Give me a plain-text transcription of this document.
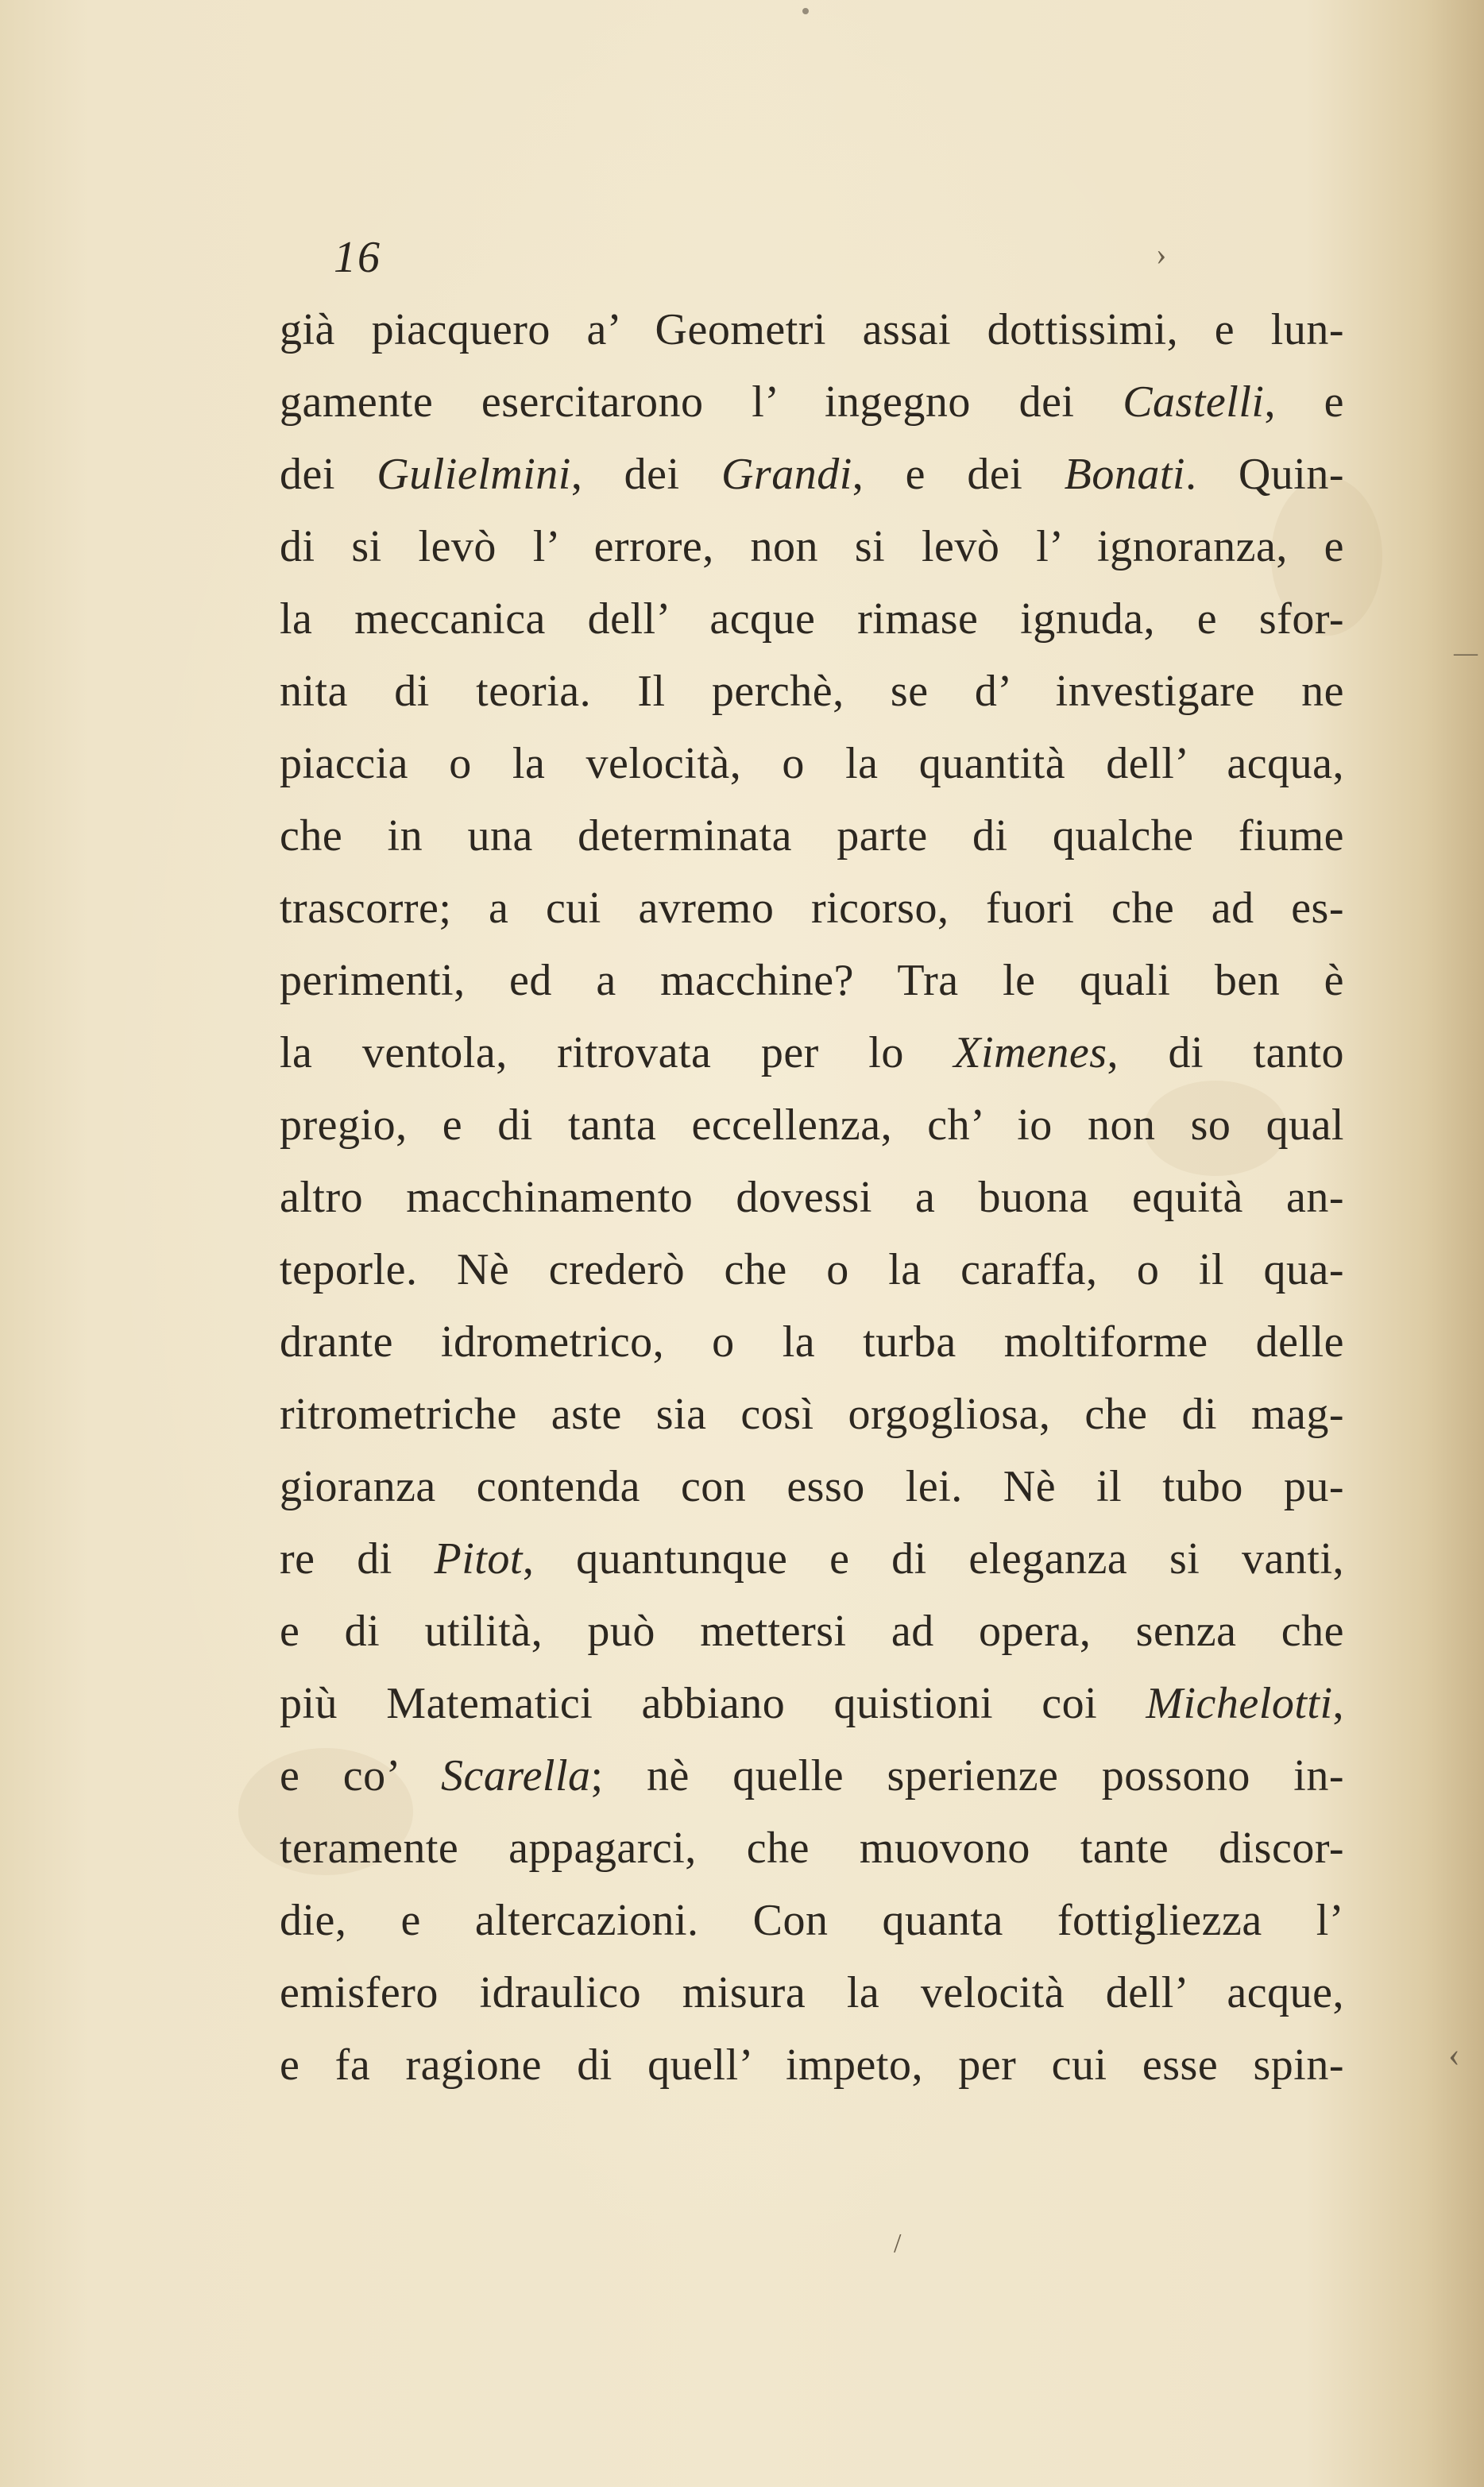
›
—
‹
/
16
già piacquero a’ Geometri assai dottissimi, e lun-
gamente esercitarono l’ ingegno dei Castelli, e
dei Gulielmini, dei Grandi, e dei Bonati. Quin-
di si levò l’ errore, non si levò l’ ignoranza, e
la meccanica dell’ acque rimase ignuda, e sfor-
nita di teoria. Il perchè, se d’ investigare ne
piaccia o la velocità, o la quantità dell’ acqua,
che in una determinata parte di qualche fiume
trascorre; a cui avremo ricorso, fuori che ad es-
perimenti, ed a macchine? Tra le quali ben è
la ventola, ritrovata per lo Ximenes, di tanto
pregio, e di tanta eccellenza, ch’ io non so qual
altro macchinamento dovessi a buona equità an-
teporle. Nè crederò che o la caraffa, o il qua-
drante idrometrico, o la turba moltiforme delle
ritrometriche aste sia così orgogliosa, che di mag-
gioranza contenda con esso lei. Nè il tubo pu-
re di Pitot, quantunque e di eleganza si vanti,
e di utilità, può mettersi ad opera, senza che
più Matematici abbiano quistioni coi Michelotti,
e co’ Scarella; nè quelle sperienze possono in-
teramente appagarci, che muovono tante discor-
die, e altercazioni. Con quanta fottigliezza l’
emisfero idraulico misura la velocità dell’ acque,
e fa ragione di quell’ impeto, per cui esse spin-
